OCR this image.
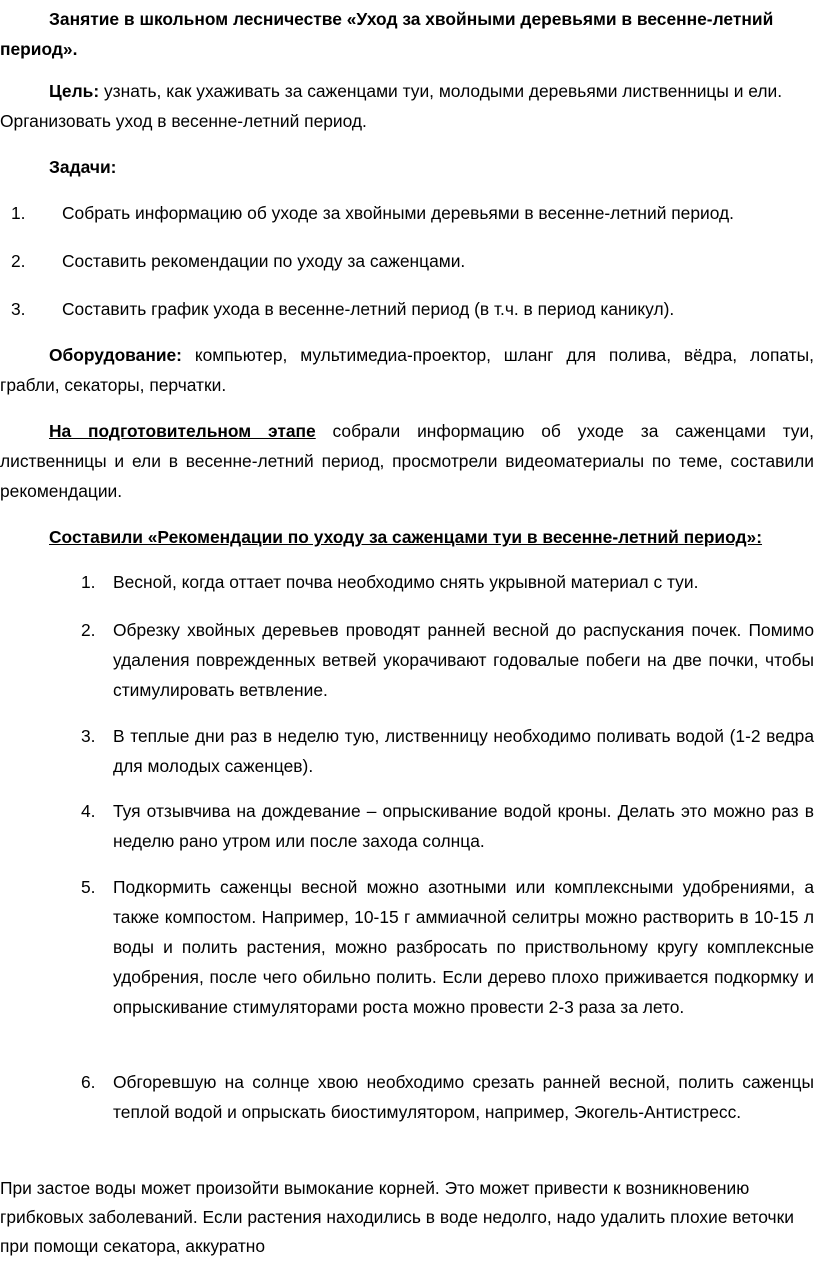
Занятие в школьном лесничестве «Уход за хвойными деревьями в весенне-летний период».

Цель: узнать, как ухаживать за саженцами туи, молодыми деревьями лиственницы и ели. Организовать уход в весенне-летний период.

Задачи:

1. Собрать информацию об уходе за хвойными деревьями в весенне-летний период.
2. Составить рекомендации по уходу за саженцами.
3. Составить график ухода в весенне-летний период (в т.ч. в период каникул).

Оборудование: компьютер, мультимедиа-проектор, шланг для полива, вёдра, лопаты, грабли, секаторы, перчатки.

На подготовительном этапе собрали информацию об уходе за саженцами туи, лиственницы и ели в весенне-летний период, просмотрели видеоматериалы по теме, составили рекомендации.

Составили «Рекомендации по уходу за саженцами туи в весенне-летний период»:

1. Весной, когда оттает почва необходимо снять укрывной материал с туи.

2. Обрезку хвойных деревьев проводят ранней весной до распускания почек. Помимо удаления поврежденных ветвей укорачивают годовалые побеги на две почки, чтобы стимулировать ветвление.

3. В теплые дни раз в неделю тую, лиственницу необходимо поливать водой (1-2 ведра для молодых саженцев).

4. Туя отзывчива на дождевание – опрыскивание водой кроны. Делать это можно раз в неделю рано утром или после захода солнца.

5. Подкормить саженцы весной можно азотными или комплексными удобрениями, а также компостом. Например, 10-15 г аммиачной селитры можно растворить в 10-15 л воды и полить растения, можно разбросать по приствольному кругу комплексные удобрения, после чего обильно полить. Если дерево плохо приживается подкормку и опрыскивание стимуляторами роста можно провести 2-3 раза за лето.

6. Обгоревшую на солнце хвою необходимо срезать ранней весной, полить саженцы теплой водой и опрыскать биостимулятором, например, Экогель-Антистресс.

При застое воды может произойти вымокание корней. Это может привести к возникновению грибковых заболеваний. Если растения находились в воде недолго, надо удалить плохие веточки при помощи секатора, аккуратно
